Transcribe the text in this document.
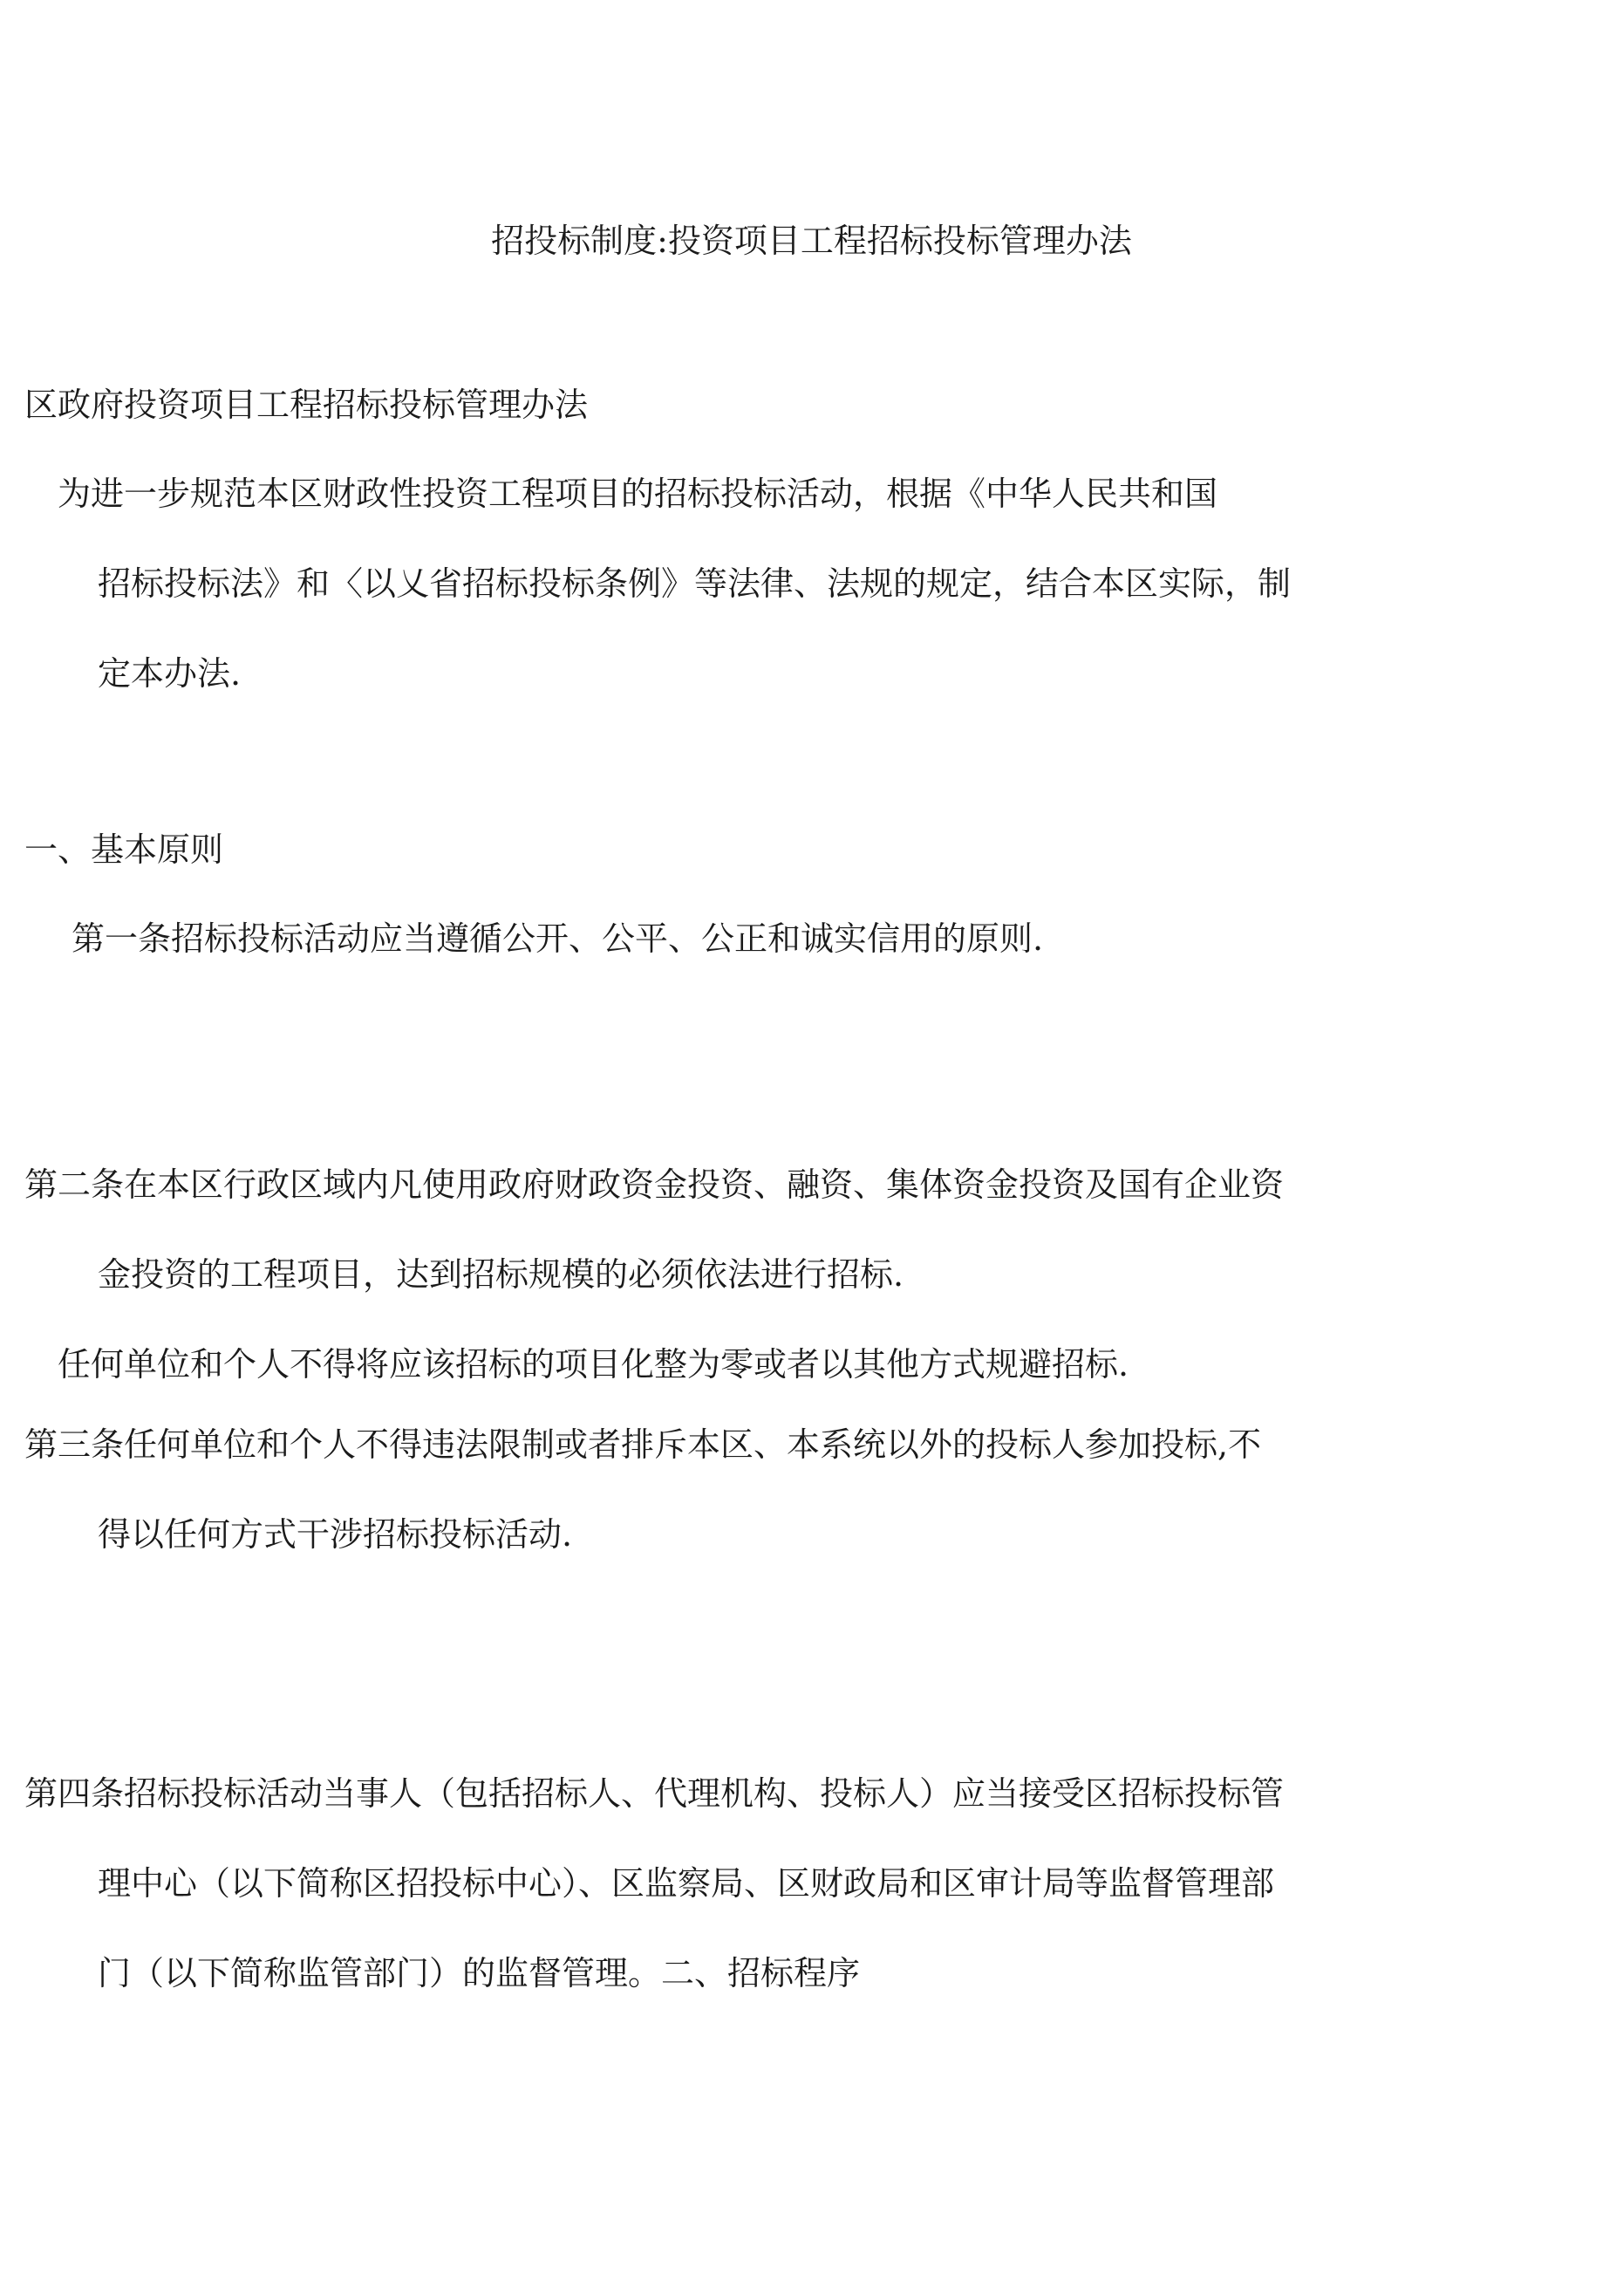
招投标制度:投资项目工程招标投标管理办法
区政府投资项目工程招标投标管理办法

为进一步规范本区财政性投资工程项目的招标投标活动，根据《中华人民共和国

招标投标法》和〈以乂省招标投标条例》等法律、法规的规定，结合本区实际，制

定本办法.

一、基本原则

第一条招标投标活动应当遵循公开、公平、公正和诚实信用的原则.

第二条在本区行政区域内凡使用政府财政资金投资、融资、集体资金投资及国有企业资

金投资的工程项目，达到招标规模的必须依法进行招标.

任何单位和个人不得将应该招标的项目化整为零或者以其他方式规避招标.

第三条任何单位和个人不得违法限制或者排斥本区、本系统以外的投标人参加投标,不

得以任何方式干涉招标投标活动.

第四条招标投标活动当事人（包括招标人、代理机构、投标人）应当接受区招标投标管

理中心（以下简称区招投标中心）、区监察局、区财政局和区审计局等监督管理部

门（以下简称监管部门）的监督管理。二、招标程序
